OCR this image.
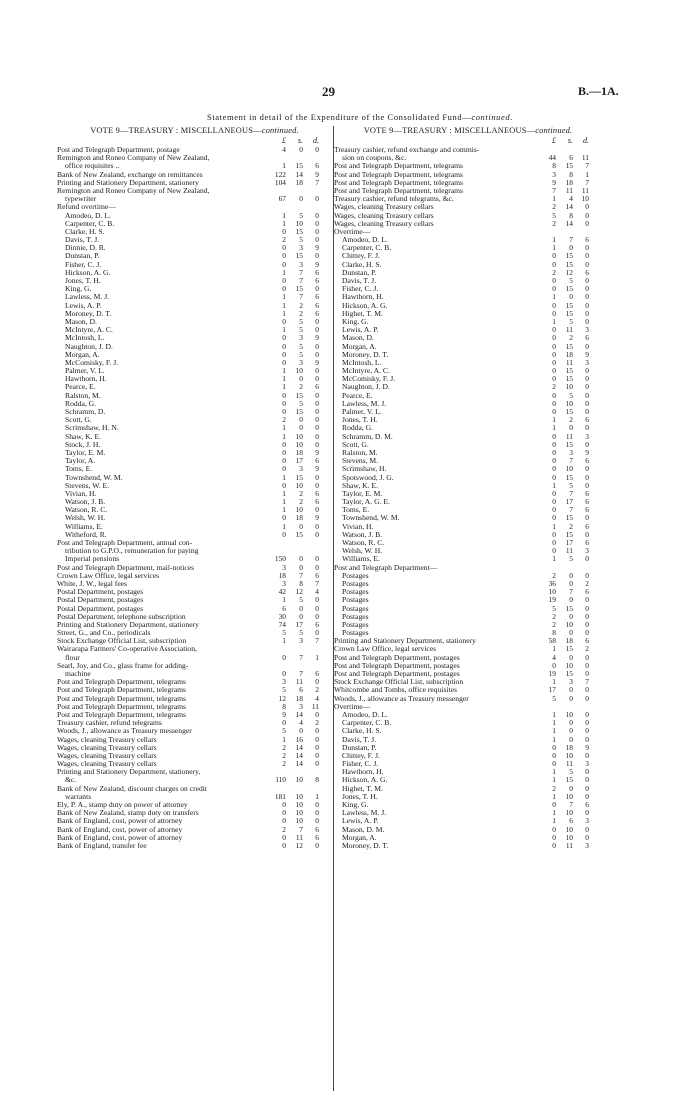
29	B.—1A.
Statement in detail of the Expenditure of the Consolidated Fund—continued.
VOTE 9—TREASURY : MISCELLANEOUS—continued.
£	s.	d.
Post and Telegraph Department, postage	4	0	0
Remington and Roneo Company of New Zealand,
office requisites ..	1	15	6
Bank of New Zealand, exchange on remittances	122	14	9
Printing and Stationery Department, stationery	104	18	7
Remington and Roneo Company of New Zealand,
typewriter	67	0	0
Refund overtime—
Amodeo, D. L.	1	5	0
Carpenter, C. B.	1	10	0
Clarke, H. S.	0	15	0
Davis, T. J.	2	5	0
Dinnie, D. R.	0	3	9
Dunstan, P.	0	15	0
Fisher, C. J.	0	3	9
Hickson, A. G.	1	7	6
Jones, T. H.	0	7	6
King, G.	0	15	0
Lawless, M. J.	1	7	6
Lewis, A. P.	1	2	6
Moroney, D. T.	1	2	6
Mason, D.	0	5	0
McIntyre, A. C.	1	5	0
McIntosh, L.	0	3	9
Naughton, J. D.	0	5	0
Morgan, A.	0	5	0
McComisky, F. J.	0	3	9
Palmer, V. L.	1	10	0
Hawthorn, H.	1	0	0
Pearce, E.	1	2	6
Ralston, M.	0	15	0
Rodda, G.	0	5	0
Schramm, D.	0	15	0
Scott, G.	2	0	0
Scrimshaw, H. N.	1	0	0
Shaw, K. E.	1	10	0
Stock, J. H.	0	10	0
Taylor, E. M.	0	18	9
Taylor, A.	0	17	6
Toms, E.	0	3	9
Townshend, W. M.	1	15	0
Stevens, W. E.	0	10	0
Vivian, H.	1	2	6
Watson, J. B.	1	2	6
Watson, R. C.	1	10	0
Welsh, W. H.	0	18	9
Williams, E.	1	0	0
Witheford, R.	0	15	0
Post and Telegraph Department, annual con-
tribution to G.P.O., remuneration for paying
Imperial pensions	150	0	0
Post and Telegraph Department, mail-notices	3	0	0
Crown Law Office, legal services	18	7	6
White, J. W., legal fees	3	8	7
Postal Department, postages	42	12	4
Postal Department, postages	1	5	0
Postal Department, postages	6	0	0
Postal Department, telephone subscription	30	0	0
Printing and Stationery Department, stationery	74	17	6
Street, G., and Co., periodicals	5	5	0
Stock Exchange Official List, subscription	1	3	7
Wairarapa Farmers' Co-operative Association,
flour	0	7	1
Searl, Joy, and Co., glass frame for adding-
machine	0	7	6
Post and Telegraph Department, telegrams	3	11	0
Post and Telegraph Department, telegrams	5	6	2
Post and Telegraph Department, telegrams	12	18	4
Post and Telegraph Department, telegrams	8	3	11
Post and Telegraph Department, telegrams	9	14	0
Treasury cashier, refund telegrams	0	4	2
Woods, J., allowance as Treasury messenger	5	0	0
Wages, cleaning Treasury cellars	1	16	0
Wages, cleaning Treasury cellars	2	14	0
Wages, cleaning Treasury cellars	2	14	0
Wages, cleaning Treasury cellars	2	14	0
Printing and Stationery Department, stationery,
&c.	110	10	8
Bank of New Zealand, discount charges on credit
warrants	181	10	1
Ely, P. A., stamp duty on power of attorney	0	10	0
Bank of New Zealand, stamp duty on transfers	0	10	0
Bank of England, cost, power of attorney	0	10	0
Bank of England, cost, power of attorney	2	7	6
Bank of England, cost, power of attorney	0	11	6
Bank of England, transfer fee	0	12	0
VOTE 9—TREASURY : MISCELLANEOUS—continued.
£	s.	d.
Treasury cashier, refund exchange and commis-
sion on coupons, &c.	44	6	11
Post and Telegraph Department, telegrams	8	15	7
Post and Telegraph Department, telegrams	3	8	1
Post and Telegraph Department, telegrams	9	18	7
Post and Telegraph Department, telegrams	7	11	11
Treasury cashier, refund telegrams, &c.	1	4	10
Wages, cleaning Treasury cellars	2	14	0
Wages, cleaning Treasury cellars	5	8	0
Wages, cleaning Treasury cellars	2	14	0
Overtime—
Amodeo, D. L.	1	7	6
Carpenter, C. B.	1	0	0
Chittey, F. J.	0	15	0
Clarke, H. S.	0	15	0
Dunstan, P.	2	12	6
Davis, T. J.	0	5	0
Fisher, C. J.	0	15	0
Hawthorn, H.	1	0	0
Hickson, A. G.	0	15	0
Highet, T. M.	0	15	0
King, G.	1	5	0
Lewis, A. P.	0	11	3
Mason, D.	0	2	6
Morgan, A.	0	15	0
Moroney, D. T.	0	18	9
McIntosh, L.	0	11	3
McIntyre, A. C.	0	15	0
McComisky, F. J.	0	15	0
Naughton, J. D.	2	10	0
Pearce, E.	0	5	0
Lawless, M. J.	0	10	0
Palmer, V. L.	0	15	0
Jones, T. H.	1	2	6
Rodda, G.	1	0	0
Schramm, D. M.	0	11	3
Scott, G.	0	15	0
Ralston, M.	0	3	9
Stevens, M.	0	7	6
Scrimshaw, H.	0	10	0
Spotswood, J. G.	0	15	0
Shaw, K. E.	1	5	0
Taylor, E. M.	0	7	6
Taylor, A. G. E.	0	17	6
Toms, E.	0	7	6
Townshend, W. M.	0	15	0
Vivian, H.	1	2	6
Watson, J. B.	0	15	0
Watson, R. C.	0	17	6
Welsh, W. H.	0	11	3
Williams, E.	1	5	0
Post and Telegraph Department—
Postages	2	0	0
Postages	36	0	2
Postages	10	7	6
Postages	19	0	0
Postages	5	15	0
Postages	2	0	0
Postages	2	10	0
Postages	8	0	0
Printing and Stationery Department, stationery	58	18	6
Crown Law Office, legal services	1	15	2
Post and Telegraph Department, postages	4	0	0
Post and Telegraph Department, postages	0	10	0
Post and Telegraph Department, postages	19	15	0
Stock Exchange Official List, subscription	1	3	7
Whitcombe and Tombs, office requisites	17	0	0
Woods, J., allowance as Treasury messenger	5	0	0
Overtime—
Amodeo, D. L.	1	10	0
Carpenter, C. B.	1	0	0
Clarke, H. S.	1	0	0
Davis, T. J.	1	0	0
Dunstan, P.	0	18	9
Chittey, F. J.	0	10	0
Fisher, C. J.	0	11	3
Hawthorn, H.	1	5	0
Hickson, A. G.	1	15	0
Highet, T. M.	2	0	0
Jones, T. H.	1	10	0
King, G.	0	7	6
Lawless, M. J.	1	10	0
Lewis, A. P.	1	6	3
Mason, D. M.	0	10	0
Morgan, A.	0	10	0
Moroney, D. T.	0	11	3
